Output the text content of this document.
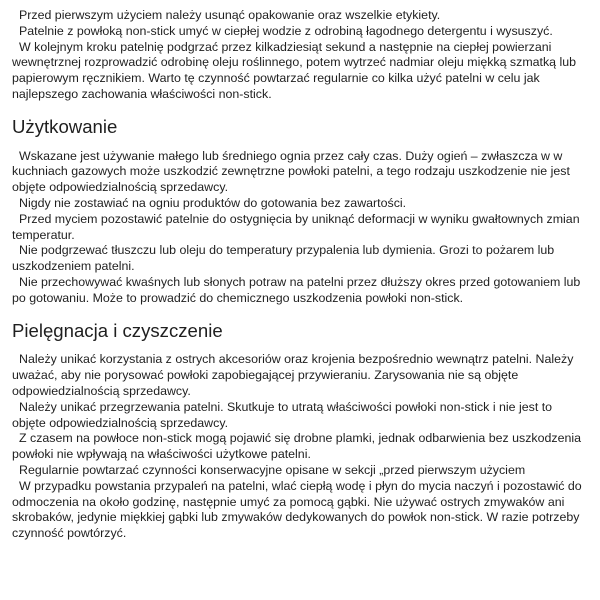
Przed pierwszym użyciem należy usunąć opakowanie oraz wszelkie etykiety.

Patelnie z powłoką non-stick umyć w ciepłej wodzie z odrobiną łagodnego detergentu i wysuszyć.

W kolejnym kroku patelnię podgrzać przez kilkadziesiąt sekund a następnie na ciepłej powierzani wewnętrznej rozprowadzić odrobinę oleju roślinnego, potem wytrzeć nadmiar oleju miękką szmatką lub papierowym ręcznikiem. Warto tę czynność powtarzać regularnie co kilka użyć patelni w celu jak najlepszego zachowania właściwości non-stick.

Użytkowanie

Wskazane jest używanie małego lub średniego ognia przez cały czas. Duży ogień – zwłaszcza w w kuchniach gazowych może uszkodzić zewnętrzne powłoki patelni, a tego rodzaju uszkodzenie nie jest objęte odpowiedzialnością sprzedawcy.

Nigdy nie zostawiać na ogniu produktów do gotowania bez zawartości.

Przed myciem pozostawić patelnie do ostygnięcia by uniknąć deformacji w wyniku gwałtownych zmian temperatur.

Nie podgrzewać tłuszczu lub oleju do temperatury przypalenia lub dymienia. Grozi to pożarem lub uszkodzeniem patelni.

Nie przechowywać kwaśnych lub słonych potraw na patelni przez dłuższy okres przed gotowaniem lub po gotowaniu. Może to prowadzić do chemicznego uszkodzenia powłoki non-stick.

Pielęgnacja i czyszczenie

Należy unikać korzystania z ostrych akcesoriów oraz krojenia bezpośrednio wewnątrz patelni. Należy uważać, aby nie porysować powłoki zapobiegającej przywieraniu. Zarysowania nie są objęte odpowiedzialnością sprzedawcy.

Należy unikać przegrzewania patelni. Skutkuje to utratą właściwości powłoki non-stick i nie jest to objęte odpowiedzialnością sprzedawcy.

Z czasem na powłoce non-stick mogą pojawić się drobne plamki, jednak odbarwienia bez uszkodzenia powłoki nie wpływają na właściwości użytkowe patelni.

Regularnie powtarzać czynności konserwacyjne opisane w sekcji „przed pierwszym użyciem

W przypadku powstania przypaleń na patelni, wlać ciepłą wodę i płyn do mycia naczyń i pozostawić do odmoczenia na około godzinę, następnie umyć za pomocą gąbki. Nie używać ostrych zmywaków ani skrobaków, jedynie miękkiej gąbki lub zmywaków dedykowanych do powłok non-stick. W razie potrzeby czynność powtórzyć.
